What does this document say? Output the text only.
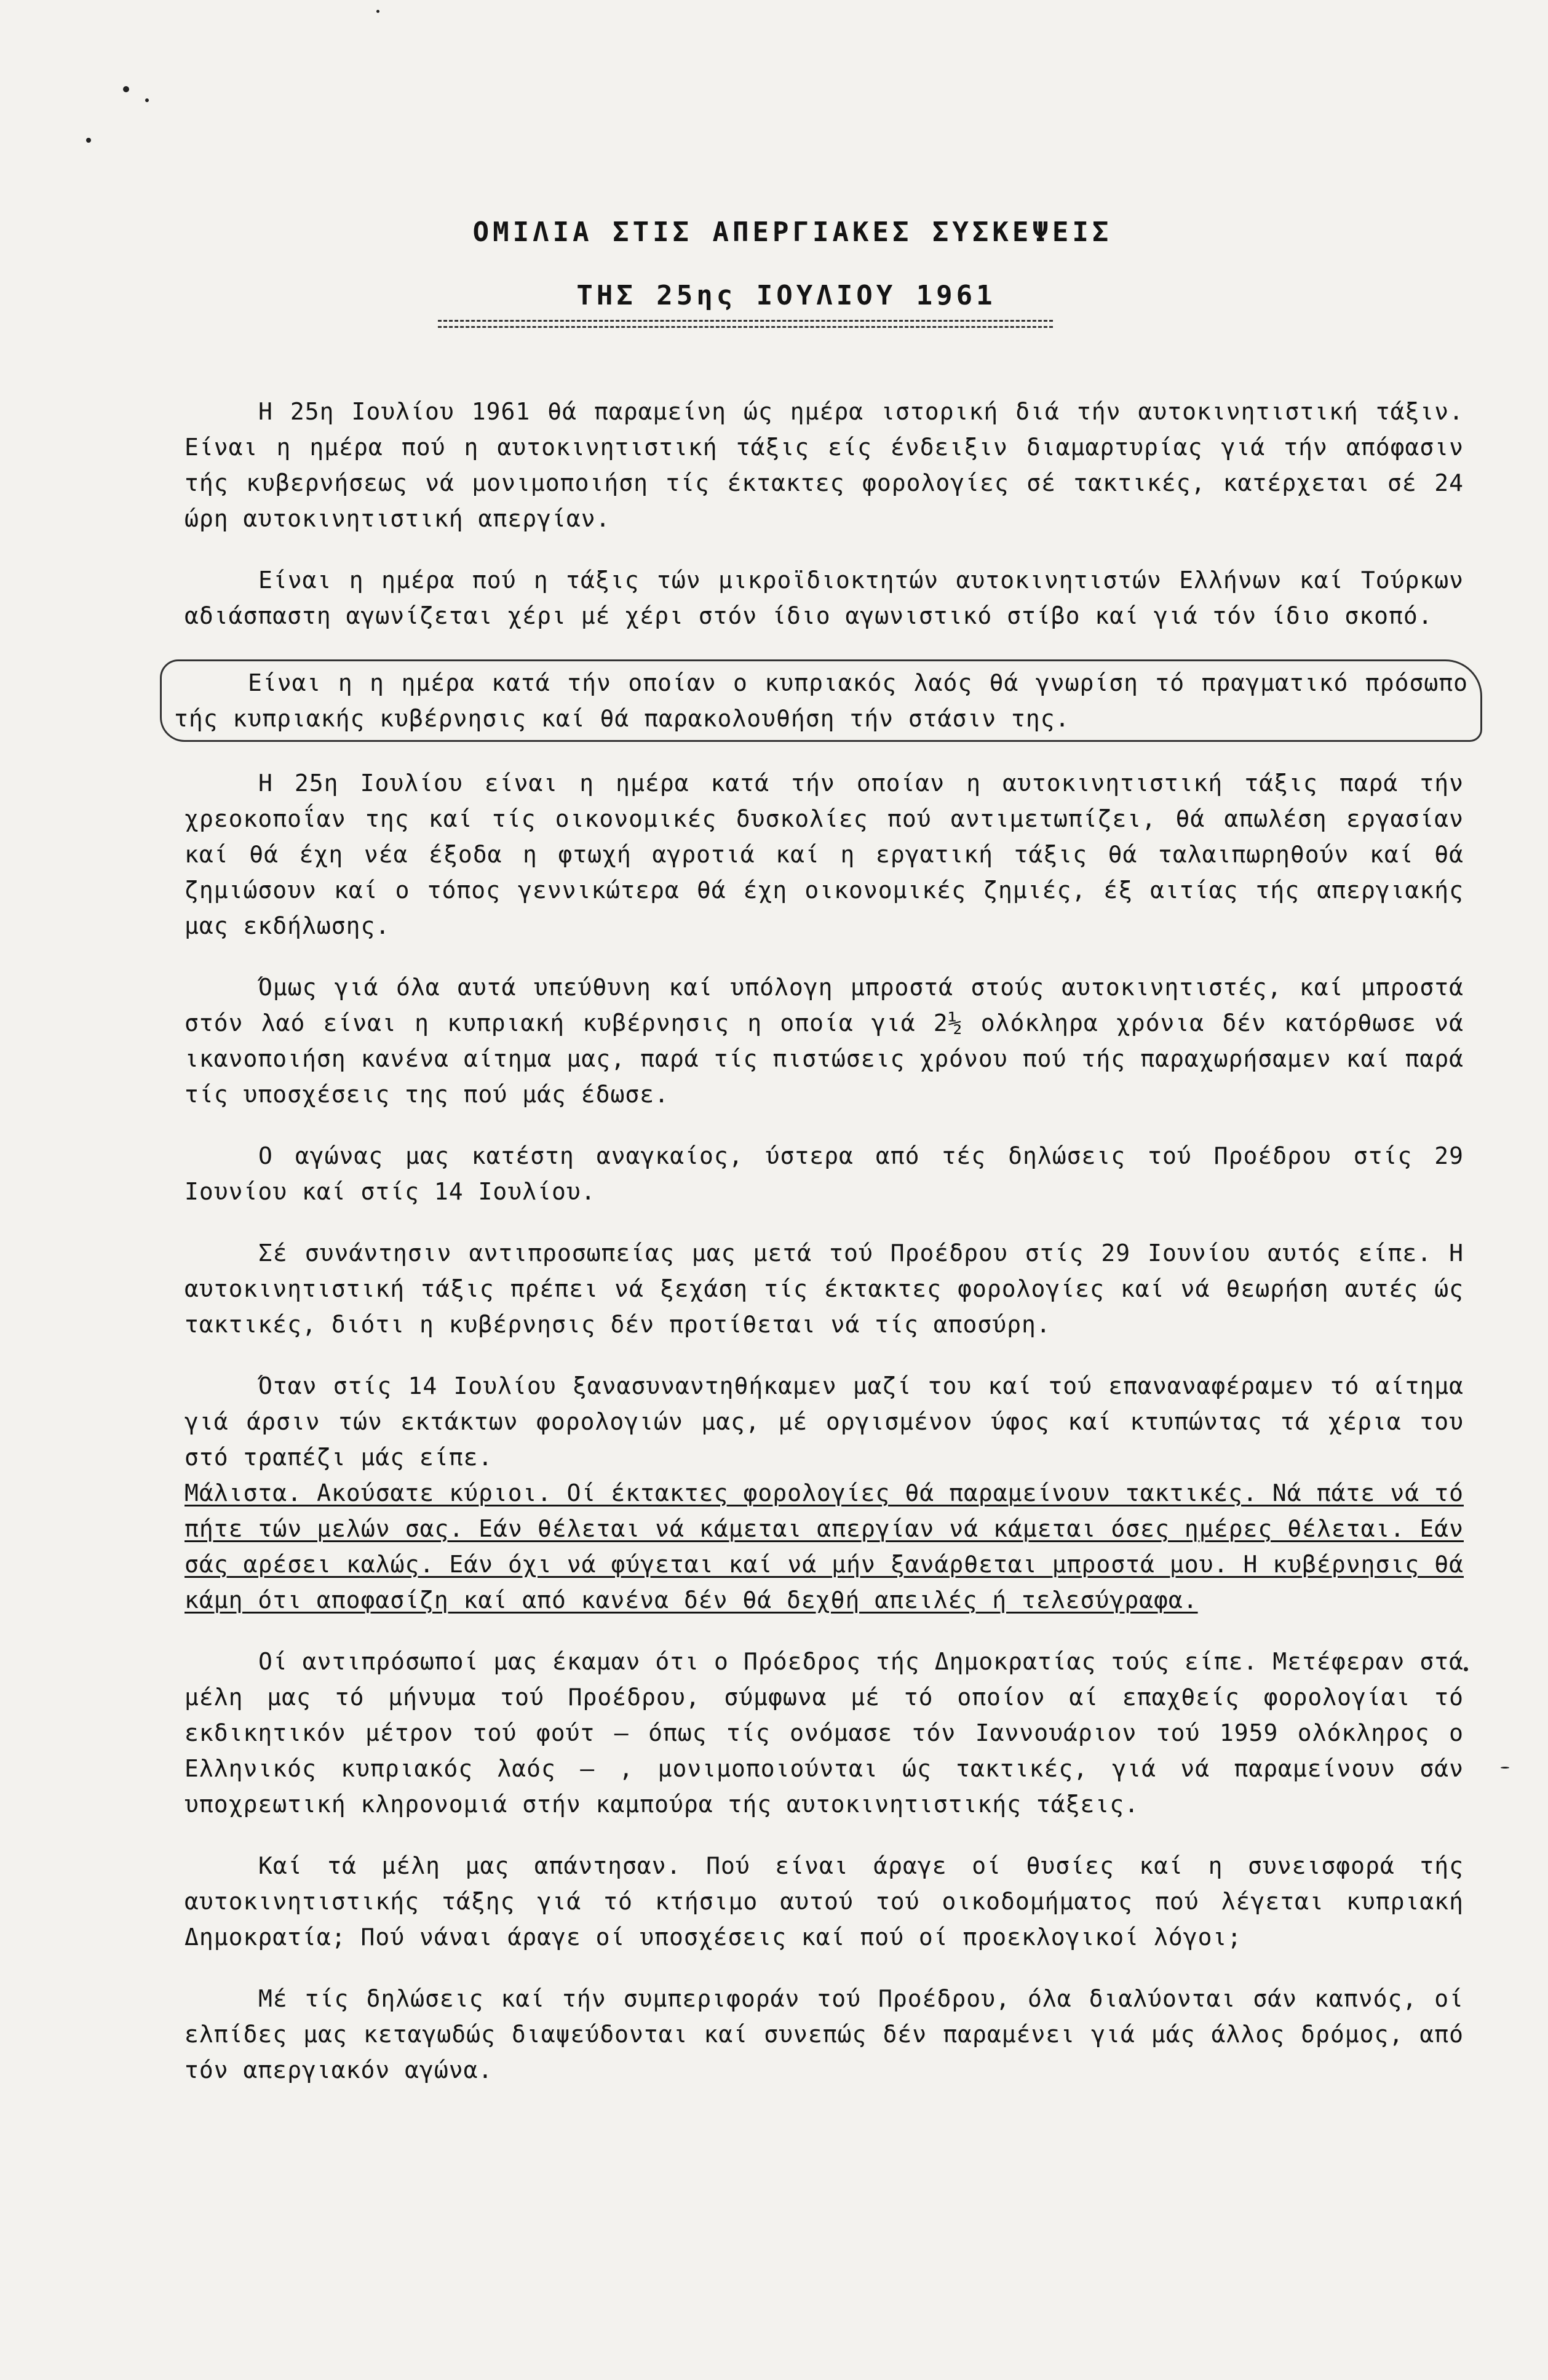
ΟΜΙΛΙΑ ΣΤΙΣ ΑΠΕΡΓΙΑΚΕΣ ΣΥΣΚΕΨΕΙΣ
ΤΗΣ 25ης ΙΟΥΛΙΟΥ 1961

Η 25η Ιουλίου 1961 θά παραμείνη ώς ημέρα ιστορική διά τήν αυτοκινητιστική τάξιν. Είναι η ημέρα πού η αυτοκινητιστική τάξις είς ένδειξιν διαμαρτυρίας γιά τήν απόφασιν τής κυβερνήσεως νά μονιμοποιήση τίς έκτακτες φορολογίες σέ τακτικές, κατέρχεται σέ 24 ώρη αυτοκινητιστική απεργίαν.

Είναι η ημέρα πού η τάξις τών μικροϊδιοκτητών αυτοκινητιστών Ελλήνων καί Τούρκων αδιάσπαστη αγωνίζεται χέρι μέ χέρι στόν ίδιο αγωνιστικό στίβο καί γιά τόν ίδιο σκοπό.

Είναι η η ημέρα κατά τήν οποίαν ο κυπριακός λαός θά γνωρίση τό πραγματικό πρόσωπο τής κυπριακής κυβέρνησις καί θά παρακολουθήση τήν στάσιν της.

Η 25η Ιουλίου είναι η ημέρα κατά τήν οποίαν η αυτοκινητιστική τάξις παρά τήν χρεοκοποΐαν της καί τίς οικονομικές δυσκολίες πού αντιμετωπίζει, θά απωλέση εργασίαν καί θά έχη νέα έξοδα η φτωχή αγροτιά καί η εργατική τάξις θά ταλαιπωρηθούν καί θά ζημιώσουν καί ο τόπος γεννικώτερα θά έχη οικονομικές ζημιές, έξ αιτίας τής απεργιακής μας εκδήλωσης.

Όμως γιά όλα αυτά υπεύθυνη καί υπόλογη μπροστά στούς αυτοκινητιστές, καί μπροστά στόν λαό είναι η κυπριακή κυβέρνησις η οποία γιά 2½ ολόκληρα χρόνια δέν κατόρθωσε νά ικανοποιήση κανένα αίτημα μας, παρά τίς πιστώσεις χρόνου πού τής παραχωρήσαμεν καί παρά τίς υποσχέσεις της πού μάς έδωσε.

Ο αγώνας μας κατέστη αναγκαίος, ύστερα από τές δηλώσεις τού Προέδρου στίς 29 Ιουνίου καί στίς 14 Ιουλίου.

Σέ συνάντησιν αντιπροσωπείας μας μετά τού Προέδρου στίς 29 Ιουνίου αυτός είπε. Η αυτοκινητιστική τάξις πρέπει νά ξεχάση τίς έκτακτες φορολογίες καί νά θεωρήση αυτές ώς τακτικές, διότι η κυβέρνησις δέν προτίθεται νά τίς αποσύρη.

Όταν στίς 14 Ιουλίου ξανασυναντηθήκαμεν μαζί του καί τού επαναναφέραμεν τό αίτημα γιά άρσιν τών εκτάκτων φορολογιών μας, μέ οργισμένον ύφος καί κτυπώντας τά χέρια του στό τραπέζι μάς είπε.

Μάλιστα. Ακούσατε κύριοι. Οί έκτακτες φορολογίες θά παραμείνουν τακτικές. Νά πάτε νά τό πήτε τών μελών σας. Εάν θέλεται νά κάμεται απεργίαν νά κάμεται όσες ημέρες θέλεται. Εάν σάς αρέσει καλώς. Εάν όχι νά φύγεται καί νά μήν ξανάρθεται μπροστά μου. Η κυβέρνησις θά κάμη ότι αποφασίζη καί από κανένα δέν θά δεχθή απειλές ή τελεσύγραφα.

Οί αντιπρόσωποί μας έκαμαν ότι ο Πρόεδρος τής Δημοκρατίας τούς είπε. Μετέφεραν στά μέλη μας τό μήνυμα τού Προέδρου, σύμφωνα μέ τό οποίον αί επαχθείς φορολογίαι τό εκδικητικόν μέτρον τού φούτ — όπως τίς ονόμασε τόν Ιαννουάριον τού 1959 ολόκληρος ο Ελληνικός κυπριακός λαός — , μονιμοποιούνται ώς τακτικές, γιά νά παραμείνουν σάν υποχρεωτική κληρονομιά στήν καμπούρα τής αυτοκινητιστικής τάξεις.

Καί τά μέλη μας απάντησαν. Πού είναι άραγε οί θυσίες καί η συνεισφορά τής αυτοκινητιστικής τάξης γιά τό κτήσιμο αυτού τού οικοδομήματος πού λέγεται κυπριακή Δημοκρατία; Πού νάναι άραγε οί υποσχέσεις καί πού οί προεκλογικοί λόγοι;

Μέ τίς δηλώσεις καί τήν συμπεριφοράν τού Προέδρου, όλα διαλύονται σάν καπνός, οί ελπίδες μας κεταγωδώς διαψεύδονται καί συνεπώς δέν παραμένει γιά μάς άλλος δρόμος, από τόν απεργιακόν αγώνα.
